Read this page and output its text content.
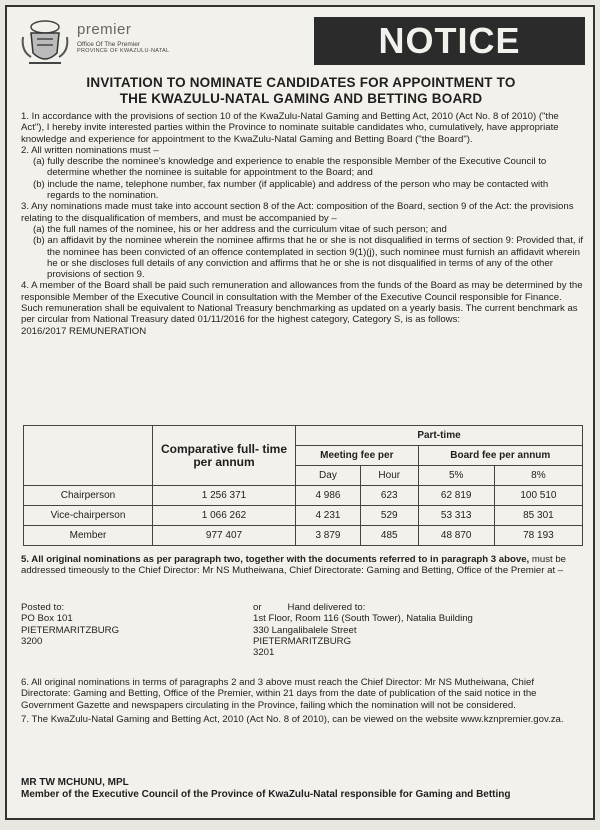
premier
Office Of The Premier
PROVINCE OF KWAZULU-NATAL	NOTICE
INVITATION TO NOMINATE CANDIDATES FOR APPOINTMENT TO
THE KWAZULU-NATAL GAMING AND BETTING BOARD

1. In accordance with the provisions of section 10 of the KwaZulu-Natal Gaming and Betting Act, 2010 (Act No. 8 of 2010) ("the Act"), I hereby invite interested parties within the Province to nominate suitable candidates who, cumulatively, have appropriate knowledge and experience for appointment to the KwaZulu-Natal Gaming and Betting Board ("the Board").

2. All written nominations must –

(a) fully describe the nominee's knowledge and experience to enable the responsible Member of the Executive Council to determine whether the nominee is suitable for appointment to the Board; and

(b) include the name, telephone number, fax number (if applicable) and address of the person who may be contacted with regards to the nomination.

3. Any nominations made must take into account section 8 of the Act: composition of the Board, section 9 of the Act: the provisions relating to the disqualification of members, and must be accompanied by –

(a) the full names of the nominee, his or her address and the curriculum vitae of such person; and

(b) an affidavit by the nominee wherein the nominee affirms that he or she is not disqualified in terms of section 9: Provided that, if the nominee has been convicted of an offence contemplated in section 9(1)(j), such nominee must furnish an affidavit wherein he or she discloses full details of any conviction and affirms that he or she is not disqualified in terms of any of the other provisions of section 9.

4. A member of the Board shall be paid such remuneration and allowances from the funds of the Board as may be determined by the responsible Member of the Executive Council in consultation with the Member of the Executive Council responsible for Finance. Such remuneration shall be equivalent to National Treasury benchmarking as updated on a yearly basis. The current benchmark as per circular from National Treasury dated 01/11/2016 for the highest category, Category S, is as follows:

2016/2017 REMUNERATION

	Comparative full- time per annum	Part-time			
		Meeting fee per		Board fee per annum	
		Day	Hour	5%	8%
Chairperson	1 256 371	4 986	623	62 819	100 510
Vice-chairperson	1 066 262	4 231	529	53 313	85 301
Member	977 407	3 879	485	48 870	78 193
5. All original nominations as per paragraph two, together with the documents referred to in paragraph 3 above, must be addressed timeously to the Chief Director: Mr NS Mutheiwana, Chief Directorate: Gaming and Betting, Office of the Premier at –
Posted to:
PO Box 101
PIETERMARITZBURG
3200
or	Hand delivered to:
1st Floor, Room 116 (South Tower), Natalia Building
330 Langalibalele Street
PIETERMARITZBURG
3201

6. All original nominations in terms of paragraphs 2 and 3 above must reach the Chief Director: Mr NS Mutheiwana, Chief Directorate: Gaming and Betting, Office of the Premier, within 21 days from the date of publication of the said notice in the Government Gazette and newspapers circulating in the Province, failing which the nomination will not be considered.

7. The KwaZulu-Natal Gaming and Betting Act, 2010 (Act No. 8 of 2010), can be viewed on the website www.kznpremier.gov.za.

MR TW MCHUNU, MPL
Member of the Executive Council of the Province of KwaZulu-Natal responsible for Gaming and Betting
